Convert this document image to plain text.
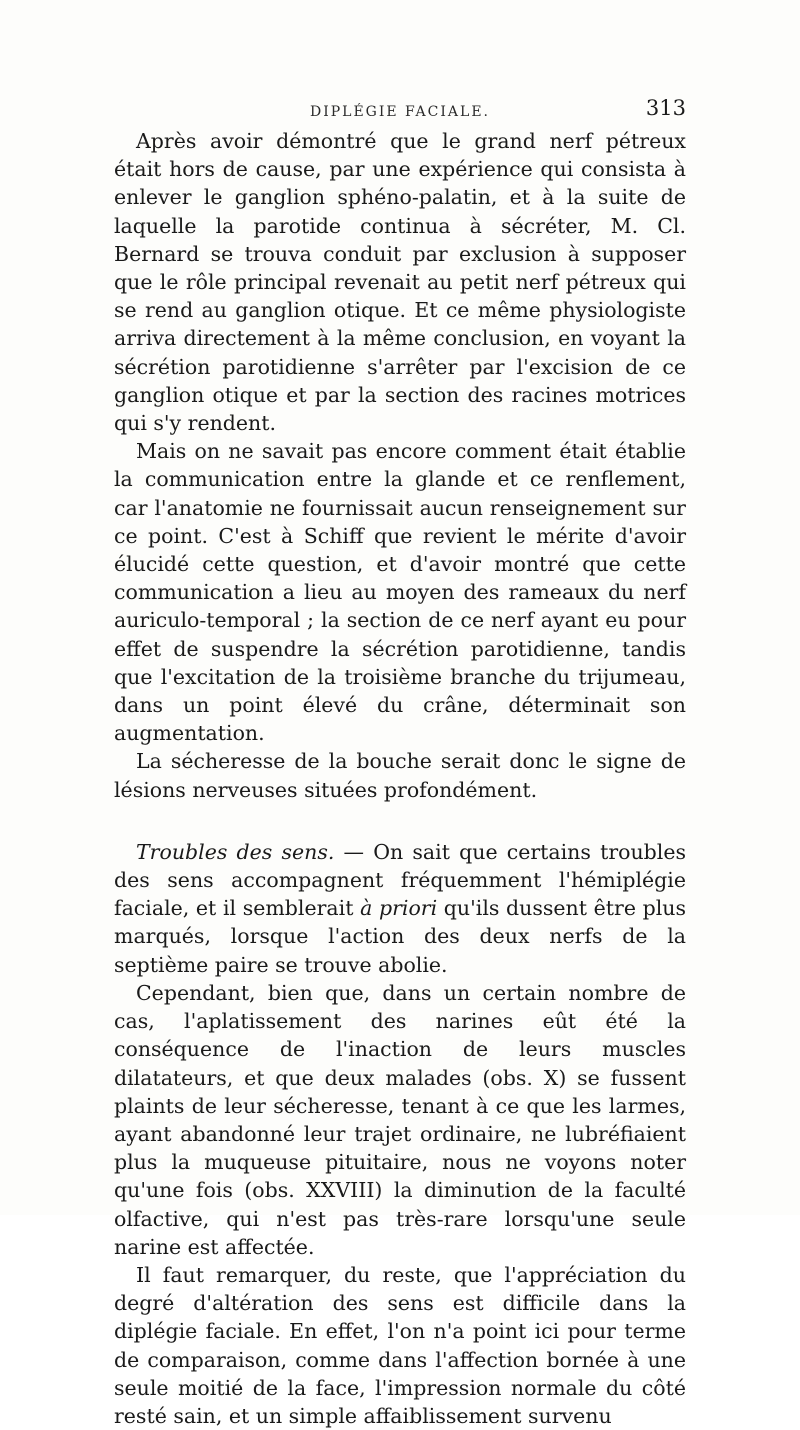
DIPLÉGIE FACIALE.	313

Après avoir démontré que le grand nerf pétreux était hors de cause, par une expérience qui consista à enlever le ganglion sphéno-palatin, et à la suite de laquelle la parotide continua à sécréter, M. Cl. Bernard se trouva conduit par exclusion à supposer que le rôle principal revenait au petit nerf pétreux qui se rend au ganglion otique. Et ce même physiologiste arriva directement à la même conclusion, en voyant la sécrétion parotidienne s'arrêter par l'excision de ce ganglion otique et par la section des racines motrices qui s'y rendent.

Mais on ne savait pas encore comment était établie la communication entre la glande et ce renflement, car l'anatomie ne fournissait aucun renseignement sur ce point. C'est à Schiff que revient le mérite d'avoir élucidé cette question, et d'avoir montré que cette communication a lieu au moyen des rameaux du nerf auriculo-temporal ; la section de ce nerf ayant eu pour effet de suspendre la sécrétion parotidienne, tandis que l'excitation de la troisième branche du trijumeau, dans un point élevé du crâne, déterminait son augmentation.

La sécheresse de la bouche serait donc le signe de lésions nerveuses situées profondément.

Troubles des sens. — On sait que certains troubles des sens accompagnent fréquemment l'hémiplégie faciale, et il semblerait à priori qu'ils dussent être plus marqués, lorsque l'action des deux nerfs de la septième paire se trouve abolie.

Cependant, bien que, dans un certain nombre de cas, l'aplatissement des narines eût été la conséquence de l'inaction de leurs muscles dilatateurs, et que deux malades (obs. X) se fussent plaints de leur sécheresse, tenant à ce que les larmes, ayant abandonné leur trajet ordinaire, ne lubréfiaient plus la muqueuse pituitaire, nous ne voyons noter qu'une fois (obs. XXVIII) la diminution de la faculté olfactive, qui n'est pas très-rare lorsqu'une seule narine est affectée.

Il faut remarquer, du reste, que l'appréciation du degré d'altération des sens est difficile dans la diplégie faciale. En effet, l'on n'a point ici pour terme de comparaison, comme dans l'affection bornée à une seule moitié de la face, l'impression normale du côté resté sain, et un simple affaiblissement survenu
